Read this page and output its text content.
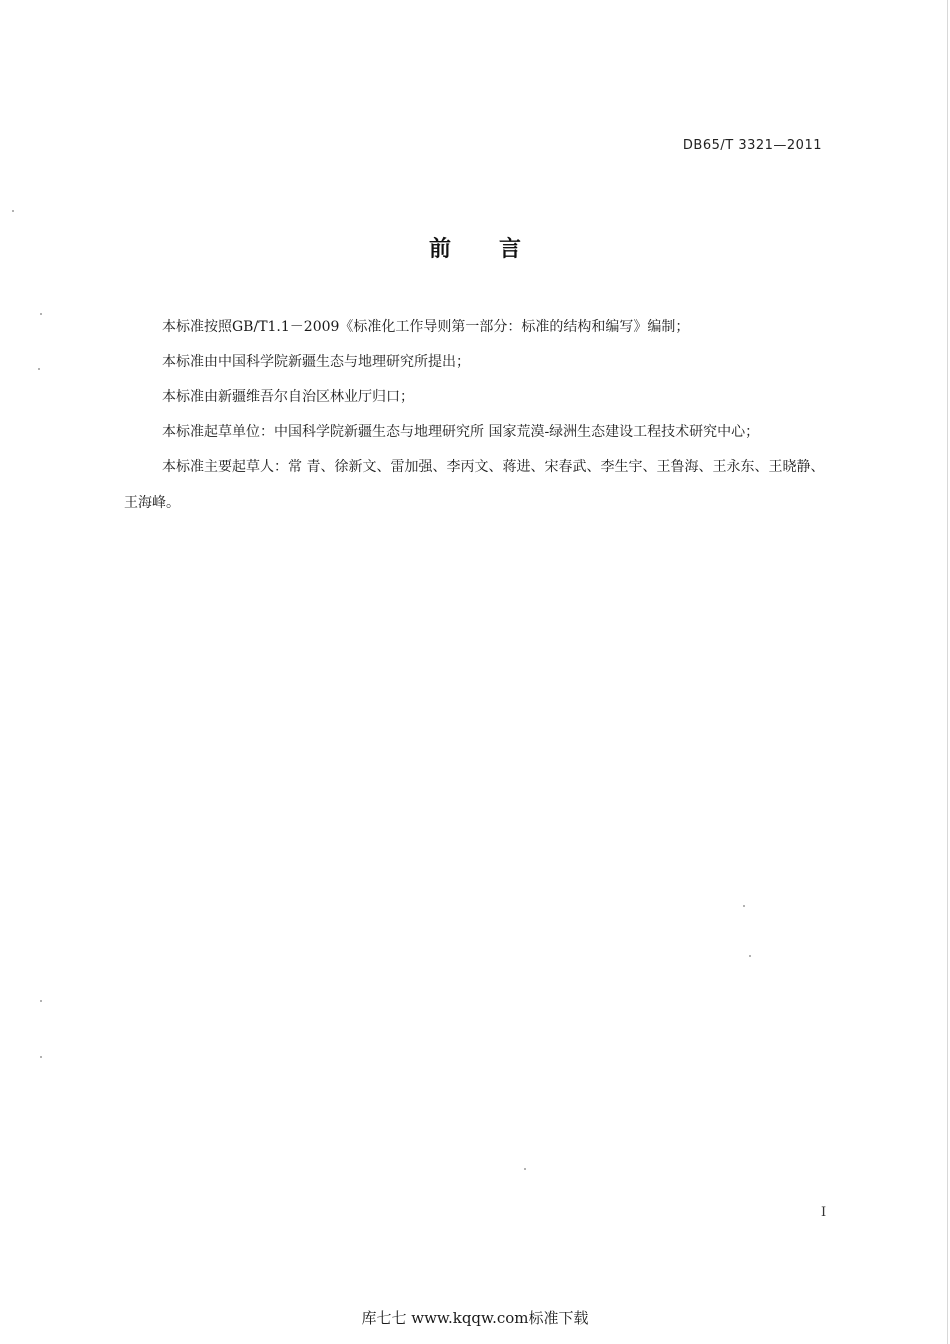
DB65/T 3321—2011
前言

本标准按照GB/T1.1－2009《标准化工作导则第一部分：标准的结构和编写》编制；

本标准由中国科学院新疆生态与地理研究所提出；

本标准由新疆维吾尔自治区林业厅归口；

本标准起草单位：中国科学院新疆生态与地理研究所 国家荒漠-绿洲生态建设工程技术研究中心；

本标准主要起草人：常 青、徐新文、雷加强、李丙文、蒋进、宋春武、李生宇、王鲁海、王永东、王晓静、王海峰。

I
库七七 www.kqqw.com标准下载
